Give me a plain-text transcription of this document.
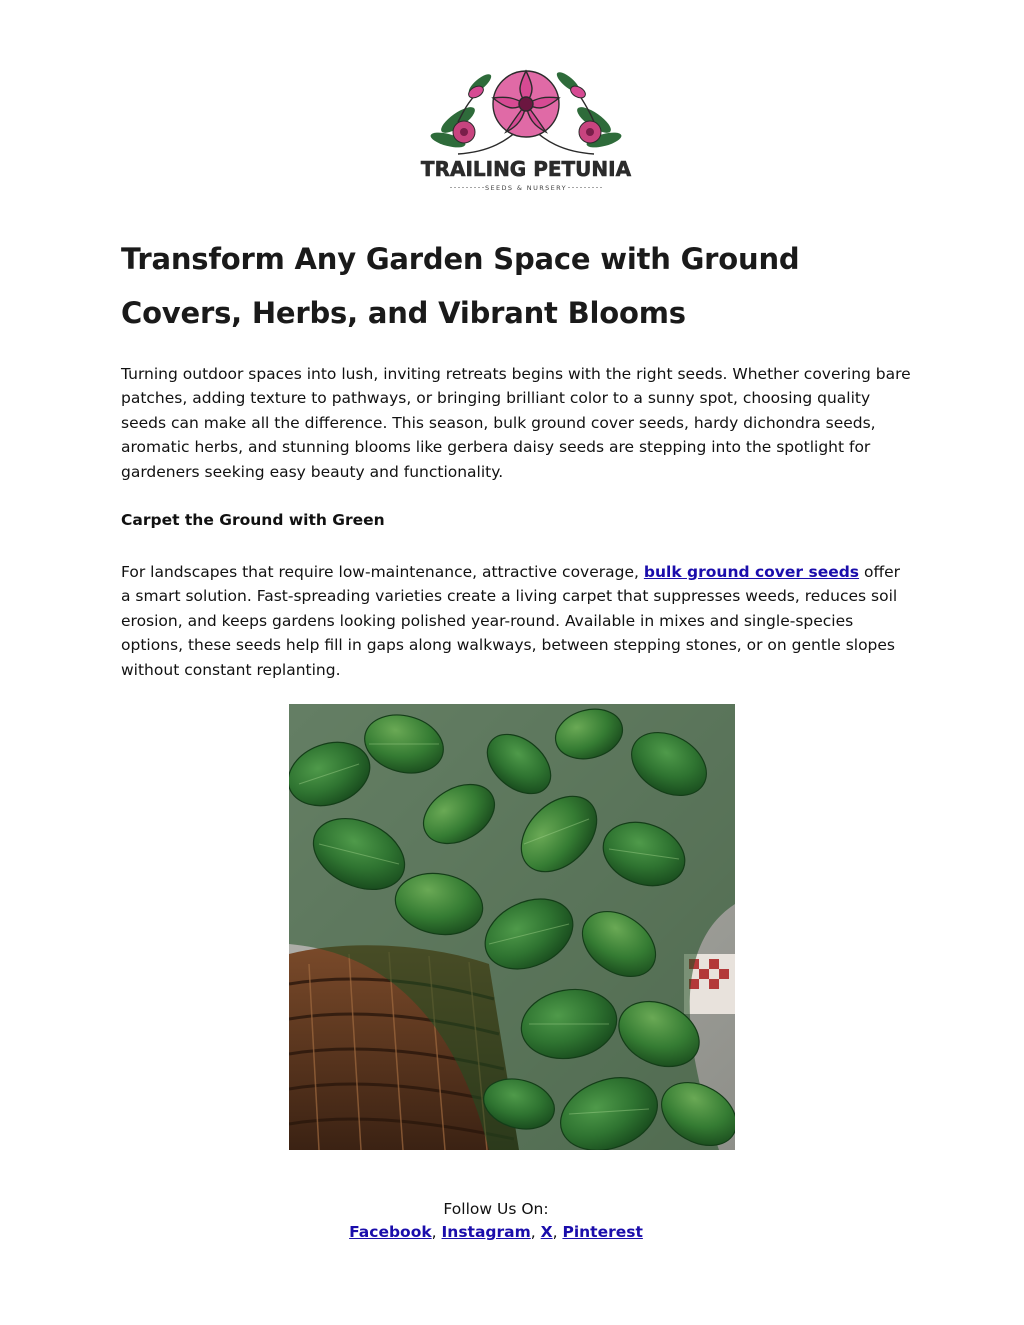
TRAILING PETUNIA
SEEDS & NURSERY
Transform Any Garden Space with Ground Covers, Herbs, and Vibrant Blooms

Turning outdoor spaces into lush, inviting retreats begins with the right seeds. Whether covering bare patches, adding texture to pathways, or bringing brilliant color to a sunny spot, choosing quality seeds can make all the difference. This season, bulk ground cover seeds, hardy dichondra seeds, aromatic herbs, and stunning blooms like gerbera daisy seeds are stepping into the spotlight for gardeners seeking easy beauty and functionality.

Carpet the Ground with Green

For landscapes that require low-maintenance, attractive coverage, bulk ground cover seeds offer a smart solution. Fast-spreading varieties create a living carpet that suppresses weeds, reduces soil erosion, and keeps gardens looking polished year-round. Available in mixes and single-species options, these seeds help fill in gaps along walkways, between stepping stones, or on gentle slopes without constant replanting.

Follow Us On:
Facebook, Instagram, X, Pinterest
